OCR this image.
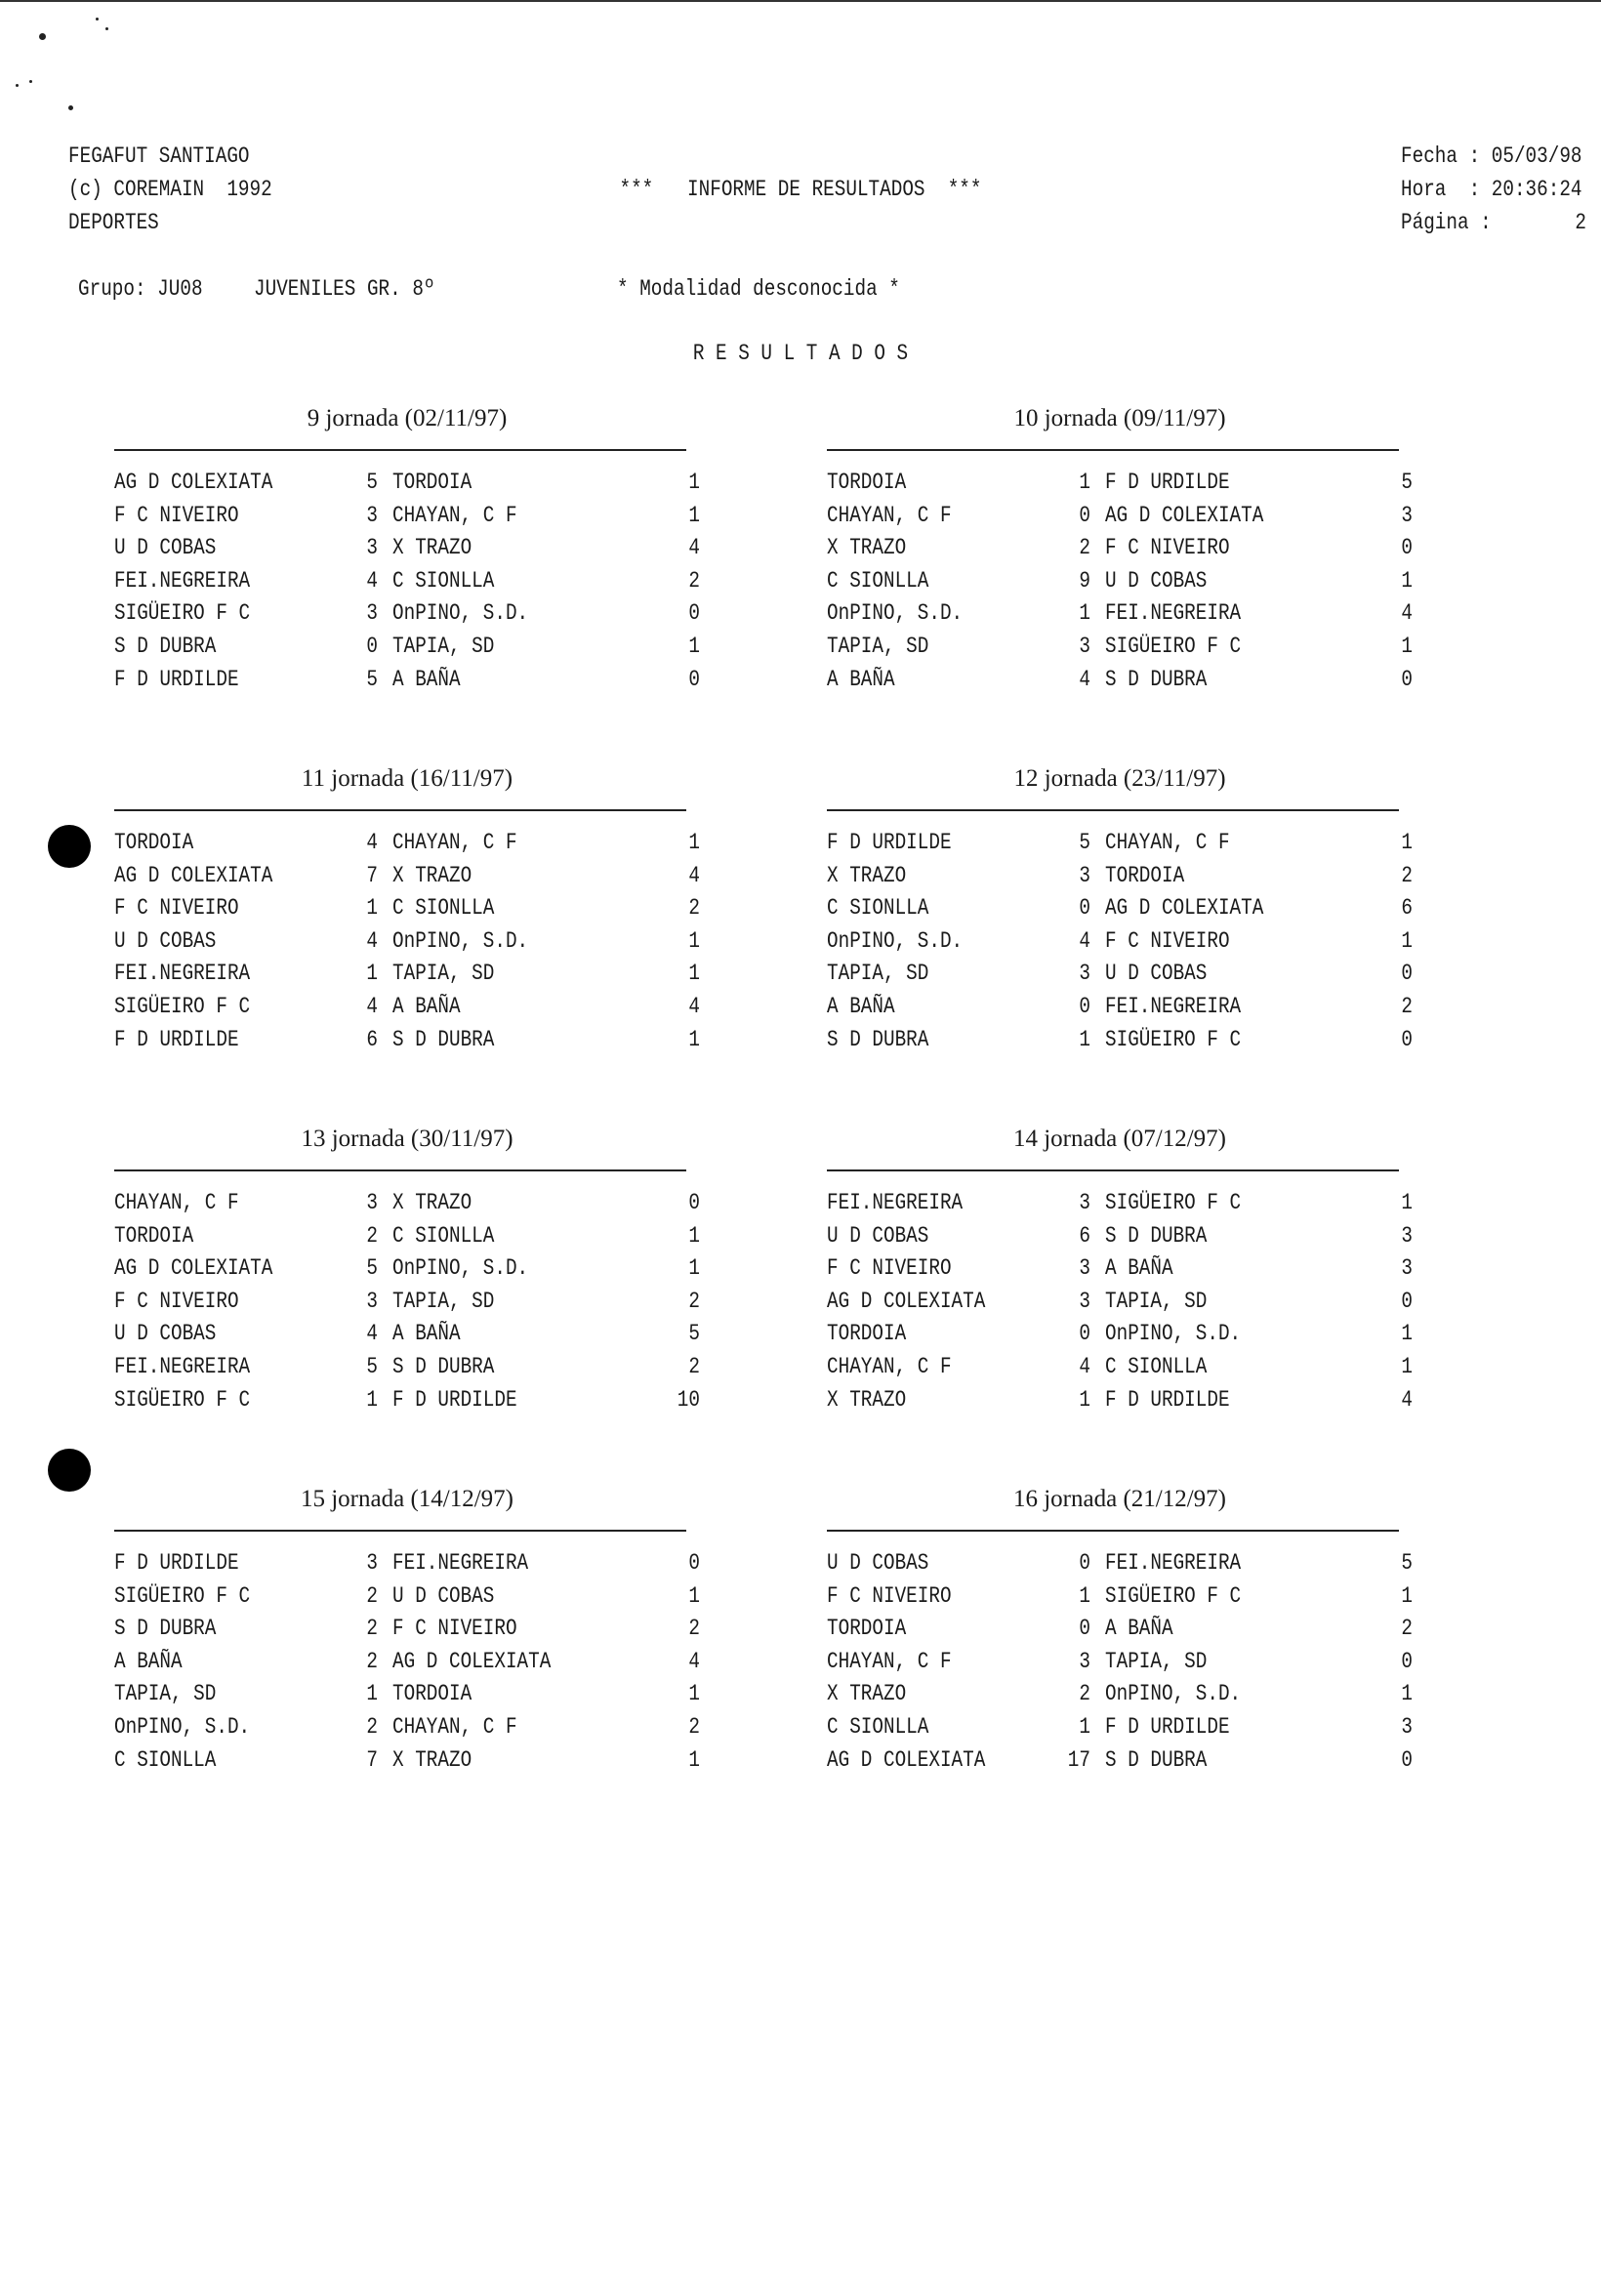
FEGAFUT SANTIAGO
(c) COREMAIN  1992
DEPORTES
***   INFORME DE RESULTADOS  ***
Fecha : 05/03/98
Hora  : 20:36:24
Página :	2
Grupo: JU08 JUVENILES GR. 8º	* Modalidad desconocida *
R E S U L T A D O S
9 jornada (02/11/97)
AG D COLEXIATA	5 TORDOIA	1
F C NIVEIRO	3 CHAYAN, C F	1
U D COBAS	3 X TRAZO	4
FEI.NEGREIRA	4 C SIONLLA	2
SIGÜEIRO F C	3 OnPINO, S.D.	0
S D DUBRA	0 TAPIA, SD	1
F D URDILDE	5 A BAÑA	0
10 jornada (09/11/97)
TORDOIA	1 F D URDILDE	5
CHAYAN, C F	0 AG D COLEXIATA	3
X TRAZO	2 F C NIVEIRO	0
C SIONLLA	9 U D COBAS	1
OnPINO, S.D.	1 FEI.NEGREIRA	4
TAPIA, SD	3 SIGÜEIRO F C	1
A BAÑA	4 S D DUBRA	0
11 jornada (16/11/97)
TORDOIA	4 CHAYAN, C F	1
AG D COLEXIATA	7 X TRAZO	4
F C NIVEIRO	1 C SIONLLA	2
U D COBAS	4 OnPINO, S.D.	1
FEI.NEGREIRA	1 TAPIA, SD	1
SIGÜEIRO F C	4 A BAÑA	4
F D URDILDE	6 S D DUBRA	1
12 jornada (23/11/97)
F D URDILDE	5 CHAYAN, C F	1
X TRAZO	3 TORDOIA	2
C SIONLLA	0 AG D COLEXIATA	6
OnPINO, S.D.	4 F C NIVEIRO	1
TAPIA, SD	3 U D COBAS	0
A BAÑA	0 FEI.NEGREIRA	2
S D DUBRA	1 SIGÜEIRO F C	0
13 jornada (30/11/97)
CHAYAN, C F	3 X TRAZO	0
TORDOIA	2 C SIONLLA	1
AG D COLEXIATA	5 OnPINO, S.D.	1
F C NIVEIRO	3 TAPIA, SD	2
U D COBAS	4 A BAÑA	5
FEI.NEGREIRA	5 S D DUBRA	2
SIGÜEIRO F C	1 F D URDILDE	10
14 jornada (07/12/97)
FEI.NEGREIRA	3 SIGÜEIRO F C	1
U D COBAS	6 S D DUBRA	3
F C NIVEIRO	3 A BAÑA	3
AG D COLEXIATA	3 TAPIA, SD	0
TORDOIA	0 OnPINO, S.D.	1
CHAYAN, C F	4 C SIONLLA	1
X TRAZO	1 F D URDILDE	4
15 jornada (14/12/97)
F D URDILDE	3 FEI.NEGREIRA	0
SIGÜEIRO F C	2 U D COBAS	1
S D DUBRA	2 F C NIVEIRO	2
A BAÑA	2 AG D COLEXIATA	4
TAPIA, SD	1 TORDOIA	1
OnPINO, S.D.	2 CHAYAN, C F	2
C SIONLLA	7 X TRAZO	1
16 jornada (21/12/97)
U D COBAS	0 FEI.NEGREIRA	5
F C NIVEIRO	1 SIGÜEIRO F C	1
TORDOIA	0 A BAÑA	2
CHAYAN, C F	3 TAPIA, SD	0
X TRAZO	2 OnPINO, S.D.	1
C SIONLLA	1 F D URDILDE	3
AG D COLEXIATA	17 S D DUBRA	0
